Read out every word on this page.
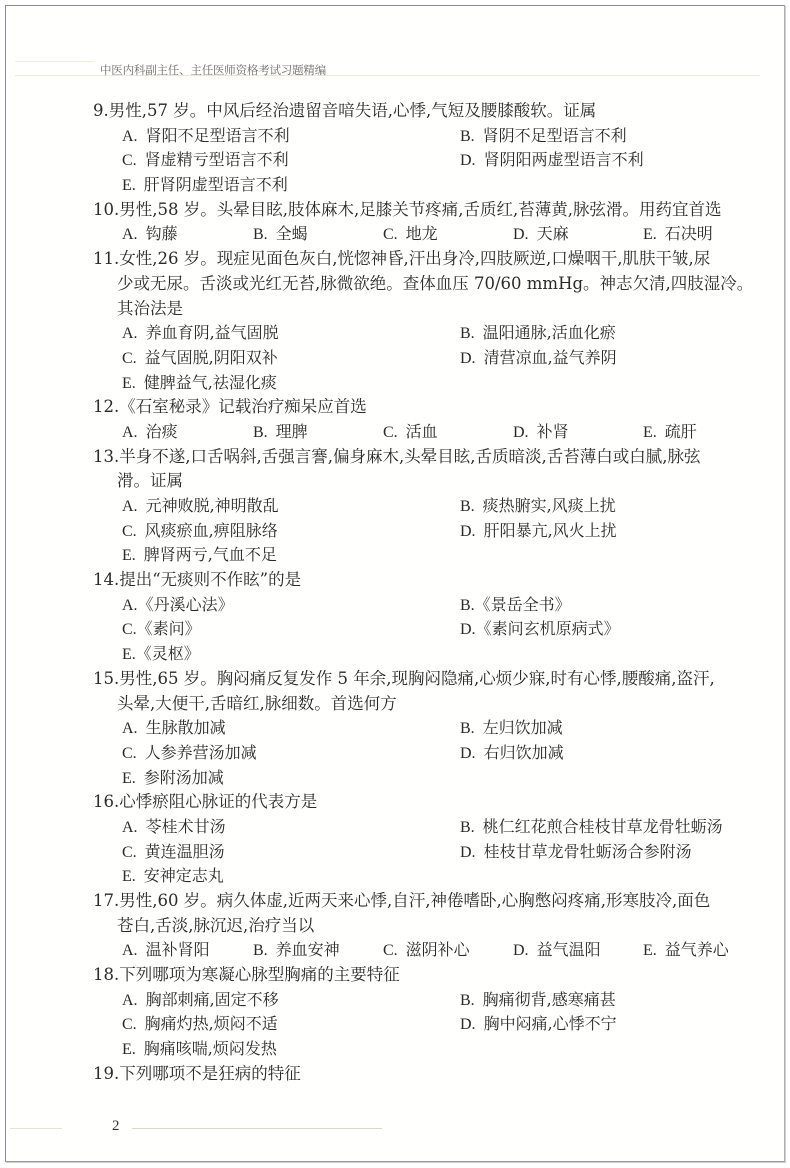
中医内科副主任、主任医师资格考试习题精编
9.男性,57 岁。中风后经治遗留音喑失语,心悸,气短及腰膝酸软。证属
A. 肾阳不足型语言不利	B. 肾阴不足型语言不利
C. 肾虚精亏型语言不利	D. 肾阴阳两虚型语言不利
E. 肝肾阴虚型语言不利
10.男性,58 岁。头晕目眩,肢体麻木,足膝关节疼痛,舌质红,苔薄黄,脉弦滑。用药宜首选
A. 钩藤	B. 全蝎	C. 地龙	D. 天麻	E. 石决明
11.女性,26 岁。现症见面色灰白,恍惚神昏,汗出身冷,四肢厥逆,口燥咽干,肌肤干皱,尿
少或无尿。舌淡或光红无苔,脉微欲绝。查体血压 70/60 mmHg。神志欠清,四肢湿冷。
其治法是
A. 养血育阴,益气固脱	B. 温阳通脉,活血化瘀
C. 益气固脱,阴阳双补	D. 清营凉血,益气养阴
E. 健脾益气,祛湿化痰
12.《石室秘录》记载治疗痴呆应首选
A. 治痰	B. 理脾	C. 活血	D. 补肾	E. 疏肝
13.半身不遂,口舌㖞斜,舌强言謇,偏身麻木,头晕目眩,舌质暗淡,舌苔薄白或白腻,脉弦
滑。证属
A. 元神败脱,神明散乱	B. 痰热腑实,风痰上扰
C. 风痰瘀血,痹阻脉络	D. 肝阳暴亢,风火上扰
E. 脾肾两亏,气血不足
14.提出“无痰则不作眩”的是
A.《丹溪心法》	B.《景岳全书》
C.《素问》	D.《素问玄机原病式》
E.《灵枢》
15.男性,65 岁。胸闷痛反复发作 5 年余,现胸闷隐痛,心烦少寐,时有心悸,腰酸痛,盗汗,
头晕,大便干,舌暗红,脉细数。首选何方
A. 生脉散加减	B. 左归饮加减
C. 人参养营汤加减	D. 右归饮加减
E. 参附汤加减
16.心悸瘀阻心脉证的代表方是
A. 苓桂术甘汤	B. 桃仁红花煎合桂枝甘草龙骨牡蛎汤
C. 黄连温胆汤	D. 桂枝甘草龙骨牡蛎汤合参附汤
E. 安神定志丸
17.男性,60 岁。病久体虚,近两天来心悸,自汗,神倦嗜卧,心胸憋闷疼痛,形寒肢冷,面色
苍白,舌淡,脉沉迟,治疗当以
A. 温补肾阳	B. 养血安神	C. 滋阴补心	D. 益气温阳	E. 益气养心
18.下列哪项为寒凝心脉型胸痛的主要特征
A. 胸部刺痛,固定不移	B. 胸痛彻背,感寒痛甚
C. 胸痛灼热,烦闷不适	D. 胸中闷痛,心悸不宁
E. 胸痛咳喘,烦闷发热
19.下列哪项不是狂病的特征
2
